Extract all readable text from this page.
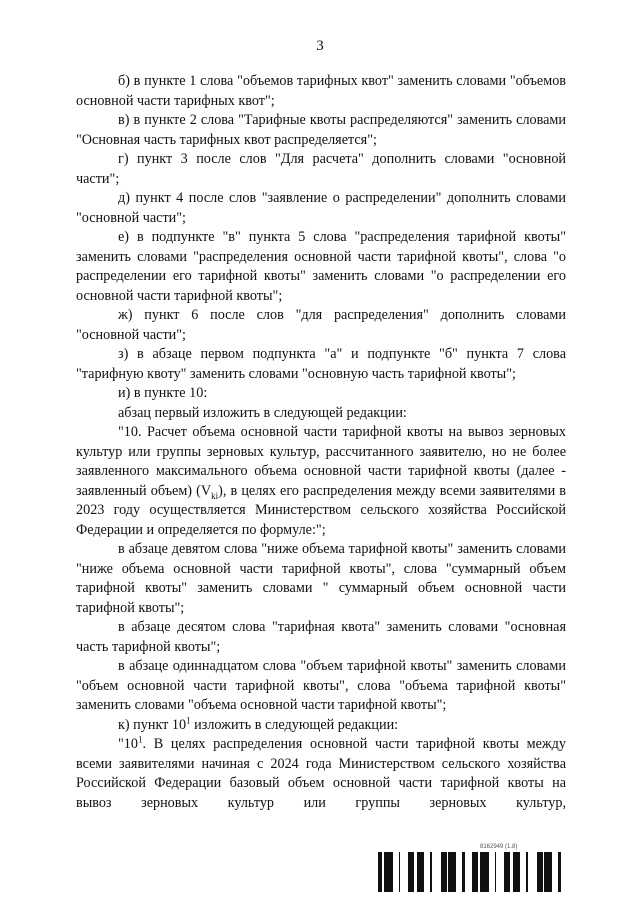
3

б) в пункте 1 слова "объемов тарифных квот" заменить словами "объемов основной части тарифных квот";

в) в пункте 2 слова "Тарифные квоты распределяются" заменить словами "Основная часть тарифных квот распределяется";

г) пункт 3 после слов "Для расчета" дополнить словами "основной части";

д) пункт 4 после слов "заявление о распределении" дополнить словами "основной части";

е) в подпункте "в" пункта 5 слова "распределения тарифной квоты" заменить словами "распределения основной части тарифной квоты", слова "о распределении его тарифной квоты" заменить словами "о распределении его основной части тарифной квоты";

ж) пункт 6 после слов "для распределения" дополнить словами "основной части";

з) в абзаце первом подпункта "а" и подпункте "б" пункта 7 слова "тарифную квоту" заменить словами "основную часть тарифной квоты";

и) в пункте 10:

абзац первый изложить в следующей редакции:

"10. Расчет объема основной части тарифной квоты на вывоз зерновых культур или группы зерновых культур, рассчитанного заявителю, но не более заявленного максимального объема основной части тарифной квоты (далее - заявленный объем) $(V_{ki})$, в целях его распределения между всеми заявителями в 2023 году осуществляется Министерством сельского хозяйства Российской Федерации и определяется по формуле:";

в абзаце девятом слова "ниже объема тарифной квоты" заменить словами "ниже объема основной части тарифной квоты", слова "суммарный объем тарифной квоты" заменить словами " суммарный объем основной части тарифной квоты";

в абзаце десятом слова "тарифная квота" заменить словами "основная часть тарифной квоты";

в абзаце одиннадцатом слова "объем тарифной квоты" заменить словами "объем основной части тарифной квоты", слова "объема тарифной квоты" заменить словами "объема основной части тарифной квоты";

к) пункт $10^1$ изложить в следующей редакции:

"$10^1$. В целях распределения основной части тарифной квоты между всеми заявителями начиная с 2024 года Министерством сельского хозяйства Российской Федерации базовый объем основной части тарифной квоты на вывоз зерновых культур или группы зерновых культур,

8162949 (1.8)
